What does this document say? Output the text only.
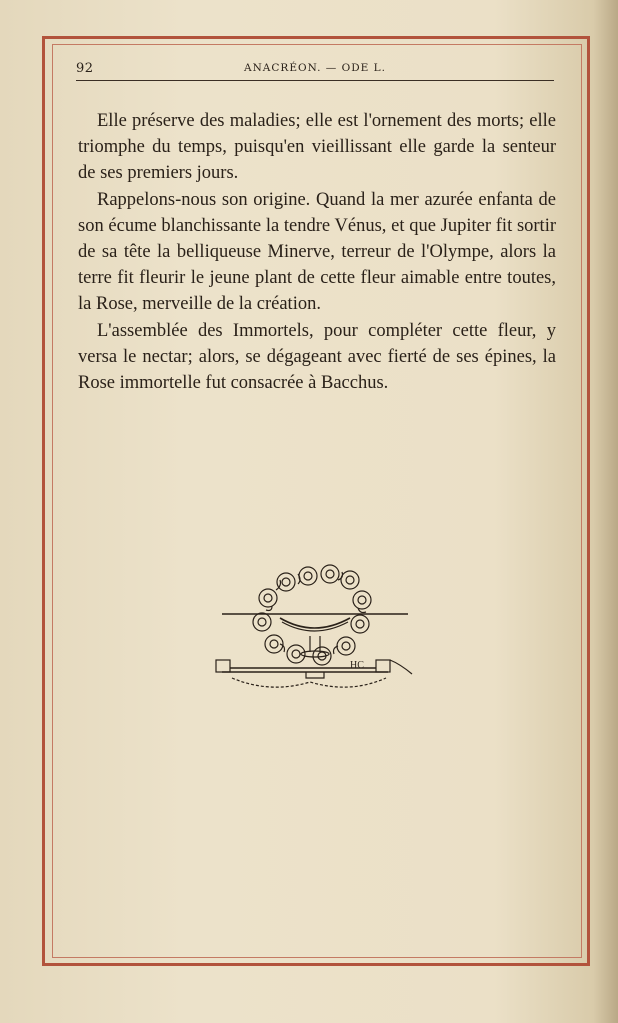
92	ANACRÉON. — ODE L.

Elle préserve des maladies; elle est l'ornement des morts; elle triomphe du temps, puisqu'en vieillissant elle garde la senteur de ses premiers jours.

Rappelons-nous son origine. Quand la mer azurée enfanta de son écume blanchissante la tendre Vénus, et que Jupiter fit sortir de sa tête la belliqueuse Minerve, terreur de l'Olympe, alors la terre fit fleurir le jeune plant de cette fleur aimable entre toutes, la Rose, merveille de la création.

L'assemblée des Immortels, pour compléter cette fleur, y versa le nectar; alors, se dégageant avec fierté de ses épines, la Rose immortelle fut consacrée à Bacchus.

HC
